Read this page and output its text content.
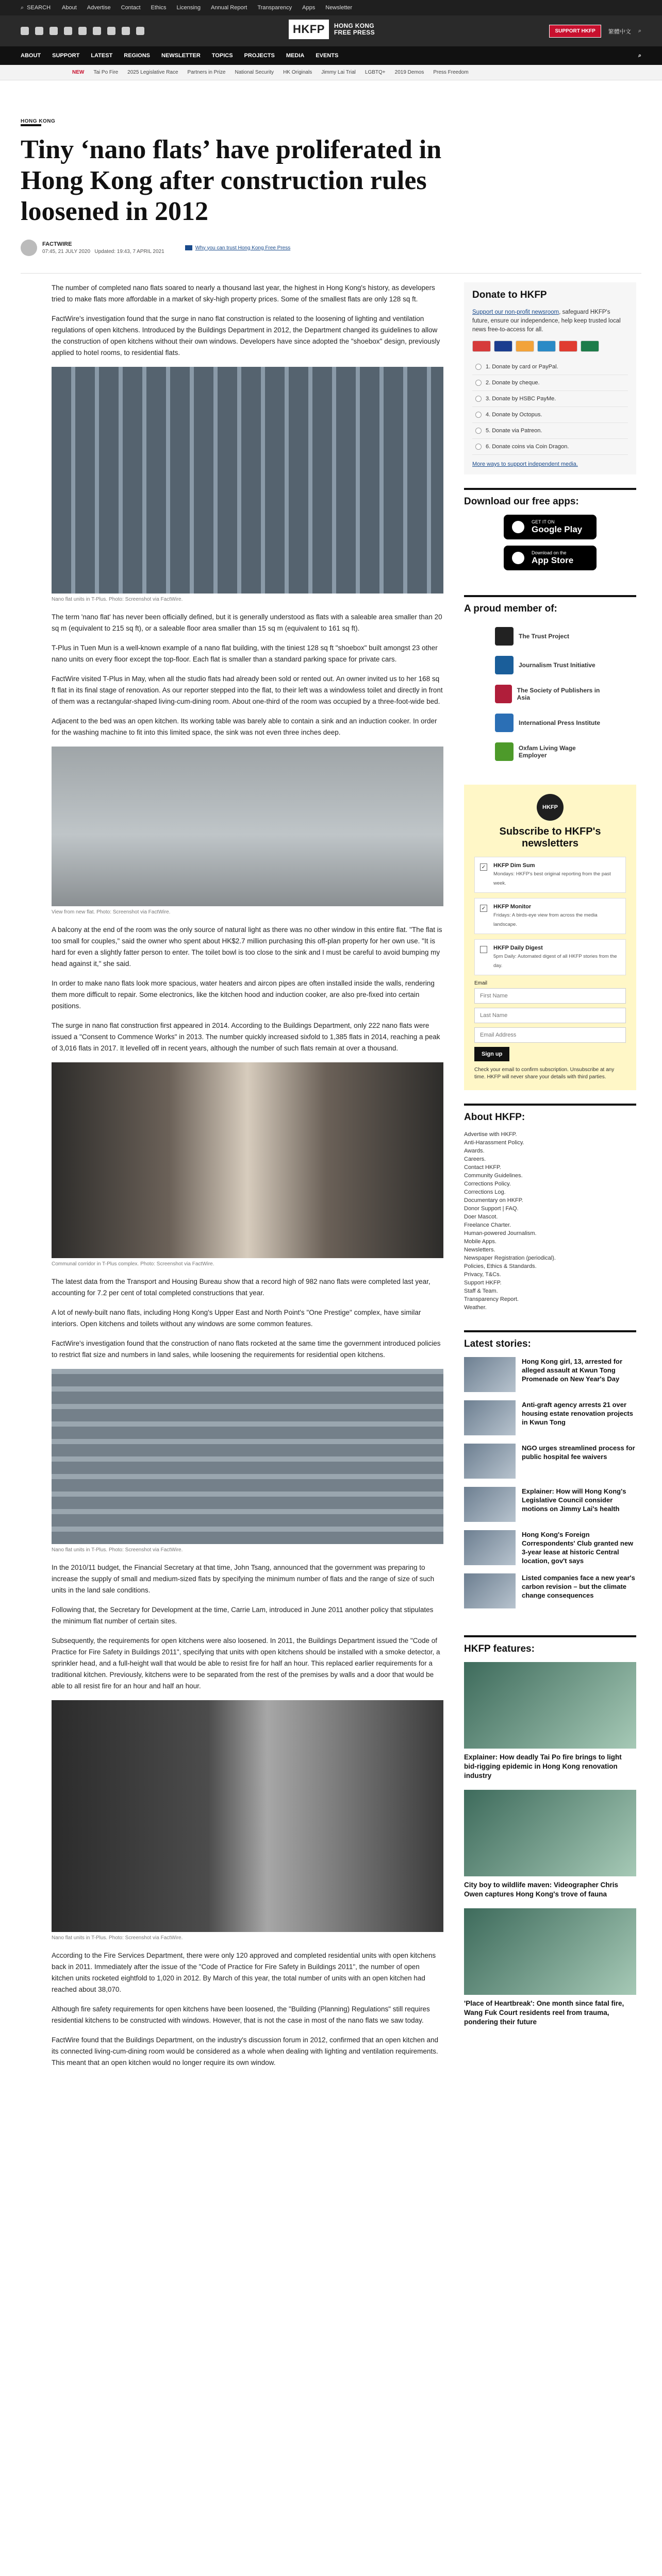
⌕ SEARCH About Advertise Contact Ethics Licensing Annual Report Transparency Apps Newsletter
HKFP	HONG KONG
FREE PRESS	SUPPORT HKFP	繁體中文 ⌕
ABOUT SUPPORT LATEST REGIONS NEWSLETTER TOPICS PROJECTS MEDIA EVENTS	⌕
NEW Tai Po Fire 2025 Legislative Race Partners in Prize National Security HK Originals Jimmy Lai Trial LGBTQ+ 2019 Demos Press Freedom
HONG KONG
Tiny ‘nano flats’ have proliferated in Hong Kong after construction rules loosened in 2012
FACTWIRE
07:45, 21 JULY 2020 Updated: 19:43, 7 APRIL 2021
Why you can trust Hong Kong Free Press

The number of completed nano flats soared to nearly a thousand last year, the highest in Hong Kong's history, as developers tried to make flats more affordable in a market of sky-high property prices. Some of the smallest flats are only 128 sq ft.

FactWire's investigation found that the surge in nano flat construction is related to the loosening of lighting and ventilation regulations of open kitchens. Introduced by the Buildings Department in 2012, the Department changed its guidelines to allow the construction of open kitchens without their own windows. Developers have since adopted the "shoebox" design, previously applied to hotel rooms, to residential flats.

Nano flat units in T-Plus. Photo: Screenshot via FactWire.

The term 'nano flat' has never been officially defined, but it is generally understood as flats with a saleable area smaller than 20 sq m (equivalent to 215 sq ft), or a saleable floor area smaller than 15 sq m (equivalent to 161 sq ft).

T-Plus in Tuen Mun is a well-known example of a nano flat building, with the tiniest 128 sq ft "shoebox" built amongst 23 other nano units on every floor except the top-floor. Each flat is smaller than a standard parking space for private cars.

FactWire visited T-Plus in May, when all the studio flats had already been sold or rented out. An owner invited us to her 168 sq ft flat in its final stage of renovation. As our reporter stepped into the flat, to their left was a windowless toilet and directly in front of them was a rectangular-shaped living-cum-dining room. About one-third of the room was occupied by a three-foot-wide bed.

Adjacent to the bed was an open kitchen. Its working table was barely able to contain a sink and an induction cooker. In order for the washing machine to fit into this limited space, the sink was not even three inches deep.

View from new flat. Photo: Screenshot via FactWire.

A balcony at the end of the room was the only source of natural light as there was no other window in this entire flat. "The flat is too small for couples," said the owner who spent about HK$2.7 million purchasing this off-plan property for her own use. "It is hard for even a slightly fatter person to enter. The toilet bowl is too close to the sink and I must be careful to avoid bumping my head against it," she said.

In order to make nano flats look more spacious, water heaters and aircon pipes are often installed inside the walls, rendering them more difficult to repair. Some electronics, like the kitchen hood and induction cooker, are also pre-fixed into certain positions.

The surge in nano flat construction first appeared in 2014. According to the Buildings Department, only 222 nano flats were issued a "Consent to Commence Works" in 2013. The number quickly increased sixfold to 1,385 flats in 2014, reaching a peak of 3,016 flats in 2017. It levelled off in recent years, although the number of such flats remain at over a thousand.

Communal corridor in T-Plus complex. Photo: Screenshot via FactWire.

The latest data from the Transport and Housing Bureau show that a record high of 982 nano flats were completed last year, accounting for 7.2 per cent of total completed constructions that year.

A lot of newly-built nano flats, including Hong Kong's Upper East and North Point's "One Prestige" complex, have similar interiors. Open kitchens and toilets without any windows are some common features.

FactWire's investigation found that the construction of nano flats rocketed at the same time the government introduced policies to restrict flat size and numbers in land sales, while loosening the requirements for residential open kitchens.

Nano flat units in T-Plus. Photo: Screenshot via FactWire.

In the 2010/11 budget, the Financial Secretary at that time, John Tsang, announced that the government was preparing to increase the supply of small and medium-sized flats by specifying the minimum number of flats and the range of size of such units in the land sale conditions.

Following that, the Secretary for Development at the time, Carrie Lam, introduced in June 2011 another policy that stipulates the minimum flat number of certain sites.

Subsequently, the requirements for open kitchens were also loosened. In 2011, the Buildings Department issued the "Code of Practice for Fire Safety in Buildings 2011", specifying that units with open kitchens should be installed with a smoke detector, a sprinkler head, and a full-height wall that would be able to resist fire for half an hour. This replaced earlier requirements for a traditional kitchen. Previously, kitchens were to be separated from the rest of the premises by walls and a door that would be able to all resist fire for an hour and half an hour.

Nano flat units in T-Plus. Photo: Screenshot via FactWire.

According to the Fire Services Department, there were only 120 approved and completed residential units with open kitchens back in 2011. Immediately after the issue of the "Code of Practice for Fire Safety in Buildings 2011", the number of open kitchen units rocketed eightfold to 1,020 in 2012. By March of this year, the total number of units with an open kitchen had reached about 38,070.

Although fire safety requirements for open kitchens have been loosened, the "Building (Planning) Regulations" still requires residential kitchens to be constructed with windows. However, that is not the case in most of the nano flats we saw today.

FactWire found that the Buildings Department, on the industry's discussion forum in 2012, confirmed that an open kitchen and its connected living-cum-dining room would be considered as a whole when dealing with lighting and ventilation requirements. This meant that an open kitchen would no longer require its own window.

Donate to HKFP

Support our non-profit newsroom, safeguard HKFP's future, ensure our independence, help keep trusted local news free-to-access for all.

1. Donate by card or PayPal.
2. Donate by cheque.
3. Donate by HSBC PayMe.
4. Donate by Octopus.
5. Donate via Patreon.
6. Donate coins via Coin Dragon.
More ways to support independent media.
Download our free apps:
GET IT ON
Google Play
Download on the
App Store
A proud member of:
The Trust Project
Journalism Trust Initiative
The Society of Publishers in Asia
International Press Institute
Oxfam Living Wage Employer
HKFP
Subscribe to HKFP's newsletters
✓ HKFP Dim Sum
Mondays: HKFP's best original reporting from the past week.
✓ HKFP Monitor
Fridays: A birds-eye view from across the media landscape.
HKFP Daily Digest
5pm Daily: Automated digest of all HKFP stories from the day.
Email
First Name Last Name Email Address
Sign up
Check your email to confirm subscription. Unsubscribe at any time. HKFP will never share your details with third parties.
About HKFP:
Advertise with HKFP.
Anti-Harassment Policy.
Awards.
Careers.
Contact HKFP.
Community Guidelines.
Corrections Policy.
Corrections Log.
Documentary on HKFP.
Donor Support | FAQ.
Doer Mascot.
Freelance Charter.
Human-powered Journalism.
Mobile Apps.
Newsletters.
Newspaper Registration (periodical).
Policies, Ethics & Standards.
Privacy, T&Cs.
Support HKFP.
Staff & Team.
Transparency Report.
Weather.
Latest stories:
Hong Kong girl, 13, arrested for alleged assault at Kwun Tong Promenade on New Year's Day
Anti-graft agency arrests 21 over housing estate renovation projects in Kwun Tong
NGO urges streamlined process for public hospital fee waivers
Explainer: How will Hong Kong's Legislative Council consider motions on Jimmy Lai's health
Hong Kong's Foreign Correspondents' Club granted new 3-year lease at historic Central location, gov't says
Listed companies face a new year's carbon revision – but the climate change consequences
HKFP features:
Explainer: How deadly Tai Po fire brings to light bid-rigging epidemic in Hong Kong renovation industry
City boy to wildlife maven: Videographer Chris Owen captures Hong Kong's trove of fauna
'Place of Heartbreak': One month since fatal fire, Wang Fuk Court residents reel from trauma, pondering their future
